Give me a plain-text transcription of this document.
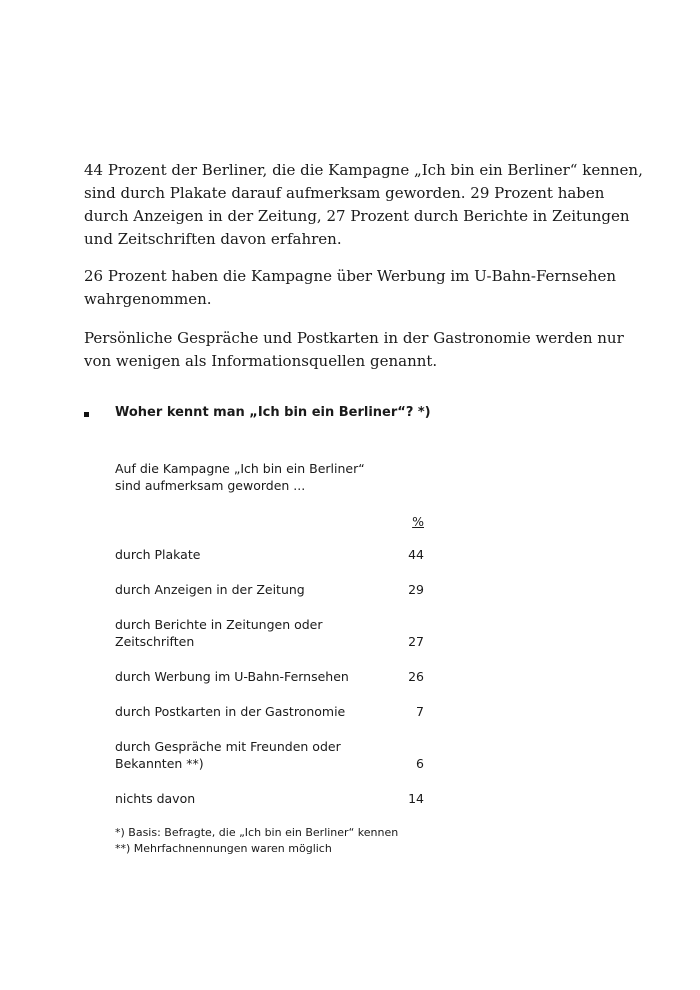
44 Prozent der Berliner, die die Kampagne „Ich bin ein Berliner“ kennen, sind durch Plakate darauf aufmerksam geworden. 29 Prozent haben durch Anzeigen in der Zeitung, 27 Prozent durch Berichte in Zeitungen und Zeitschriften davon erfahren.

26 Prozent haben die Kampagne über Werbung im U-Bahn-Fernsehen wahrgenommen.

Persönliche Gespräche und Postkarten in der Gastronomie werden nur von wenigen als Informationsquellen genannt.

Woher kennt man „Ich bin ein Berliner“? *)

Auf die Kampagne „Ich bin ein Berliner“
sind aufmerksam geworden ...

%
durch Plakate	44
durch Anzeigen in der Zeitung	29
durch Berichte in Zeitungen oder
Zeitschriften	27
durch Werbung im U-Bahn-Fernsehen	26
durch Postkarten in der Gastronomie	7
durch Gespräche mit Freunden oder
Bekannten **)	6
nichts davon	14

*) Basis: Befragte, die „Ich bin ein Berliner“ kennen
**) Mehrfachnennungen waren möglich
